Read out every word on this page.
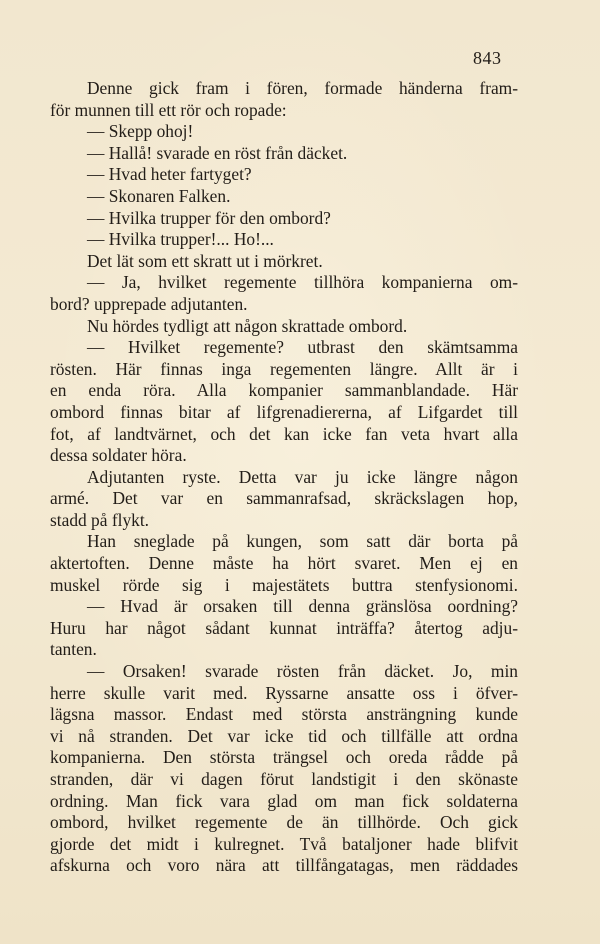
843
Denne gick fram i fören, formade händerna fram-
för munnen till ett rör och ropade:
— Skepp ohoj!
— Hallå! svarade en röst från däcket.
— Hvad heter fartyget?
— Skonaren Falken.
— Hvilka trupper för den ombord?
— Hvilka trupper!... Ho!...
Det lät som ett skratt ut i mörkret.
— Ja, hvilket regemente tillhöra kompanierna om-
bord? upprepade adjutanten.
Nu hördes tydligt att någon skrattade ombord.
— Hvilket regemente? utbrast den skämtsamma
rösten. Här finnas inga regementen längre. Allt är i
en enda röra. Alla kompanier sammanblandade. Här
ombord finnas bitar af lifgrenadiererna, af Lifgardet till
fot, af landtvärnet, och det kan icke fan veta hvart alla
dessa soldater höra.
Adjutanten ryste. Detta var ju icke längre någon
armé. Det var en sammanrafsad, skräckslagen hop,
stadd på flykt.
Han sneglade på kungen, som satt där borta på
aktertoften. Denne måste ha hört svaret. Men ej en
muskel rörde sig i majestätets buttra stenfysionomi.
— Hvad är orsaken till denna gränslösa oordning?
Huru har något sådant kunnat inträffa? återtog adju-
tanten.
— Orsaken! svarade rösten från däcket. Jo, min
herre skulle varit med. Ryssarne ansatte oss i öfver-
lägsna massor. Endast med största ansträngning kunde
vi nå stranden. Det var icke tid och tillfälle att ordna
kompanierna. Den största trängsel och oreda rådde på
stranden, där vi dagen förut landstigit i den skönaste
ordning. Man fick vara glad om man fick soldaterna
ombord, hvilket regemente de än tillhörde. Och gick
gjorde det midt i kulregnet. Två bataljoner hade blifvit
afskurna och voro nära att tillfångatagas, men räddades
